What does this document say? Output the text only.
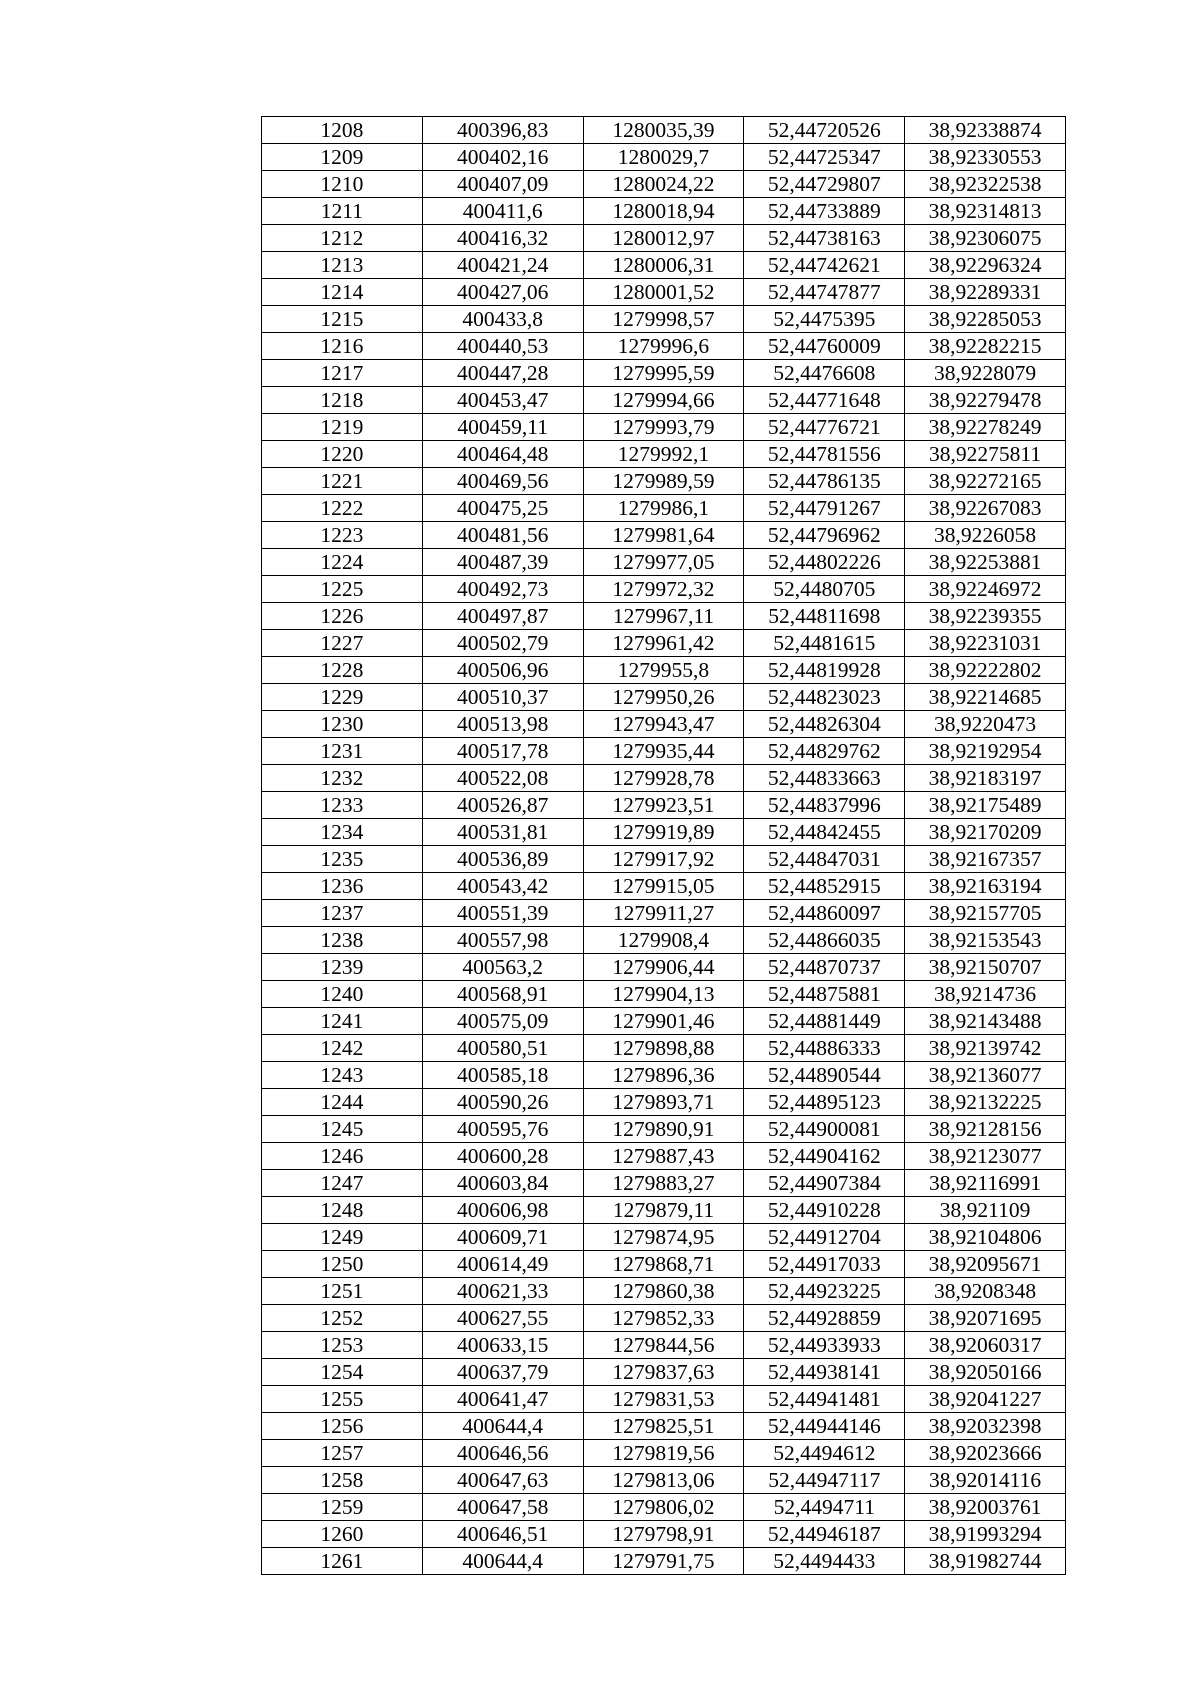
1208	400396,83	1280035,39	52,44720526	38,92338874
1209	400402,16	1280029,7	52,44725347	38,92330553
1210	400407,09	1280024,22	52,44729807	38,92322538
1211	400411,6	1280018,94	52,44733889	38,92314813
1212	400416,32	1280012,97	52,44738163	38,92306075
1213	400421,24	1280006,31	52,44742621	38,92296324
1214	400427,06	1280001,52	52,44747877	38,92289331
1215	400433,8	1279998,57	52,4475395	38,92285053
1216	400440,53	1279996,6	52,44760009	38,92282215
1217	400447,28	1279995,59	52,4476608	38,9228079
1218	400453,47	1279994,66	52,44771648	38,92279478
1219	400459,11	1279993,79	52,44776721	38,92278249
1220	400464,48	1279992,1	52,44781556	38,92275811
1221	400469,56	1279989,59	52,44786135	38,92272165
1222	400475,25	1279986,1	52,44791267	38,92267083
1223	400481,56	1279981,64	52,44796962	38,9226058
1224	400487,39	1279977,05	52,44802226	38,92253881
1225	400492,73	1279972,32	52,4480705	38,92246972
1226	400497,87	1279967,11	52,44811698	38,92239355
1227	400502,79	1279961,42	52,4481615	38,92231031
1228	400506,96	1279955,8	52,44819928	38,92222802
1229	400510,37	1279950,26	52,44823023	38,92214685
1230	400513,98	1279943,47	52,44826304	38,9220473
1231	400517,78	1279935,44	52,44829762	38,92192954
1232	400522,08	1279928,78	52,44833663	38,92183197
1233	400526,87	1279923,51	52,44837996	38,92175489
1234	400531,81	1279919,89	52,44842455	38,92170209
1235	400536,89	1279917,92	52,44847031	38,92167357
1236	400543,42	1279915,05	52,44852915	38,92163194
1237	400551,39	1279911,27	52,44860097	38,92157705
1238	400557,98	1279908,4	52,44866035	38,92153543
1239	400563,2	1279906,44	52,44870737	38,92150707
1240	400568,91	1279904,13	52,44875881	38,9214736
1241	400575,09	1279901,46	52,44881449	38,92143488
1242	400580,51	1279898,88	52,44886333	38,92139742
1243	400585,18	1279896,36	52,44890544	38,92136077
1244	400590,26	1279893,71	52,44895123	38,92132225
1245	400595,76	1279890,91	52,44900081	38,92128156
1246	400600,28	1279887,43	52,44904162	38,92123077
1247	400603,84	1279883,27	52,44907384	38,92116991
1248	400606,98	1279879,11	52,44910228	38,921109
1249	400609,71	1279874,95	52,44912704	38,92104806
1250	400614,49	1279868,71	52,44917033	38,92095671
1251	400621,33	1279860,38	52,44923225	38,9208348
1252	400627,55	1279852,33	52,44928859	38,92071695
1253	400633,15	1279844,56	52,44933933	38,92060317
1254	400637,79	1279837,63	52,44938141	38,92050166
1255	400641,47	1279831,53	52,44941481	38,92041227
1256	400644,4	1279825,51	52,44944146	38,92032398
1257	400646,56	1279819,56	52,4494612	38,92023666
1258	400647,63	1279813,06	52,44947117	38,92014116
1259	400647,58	1279806,02	52,4494711	38,92003761
1260	400646,51	1279798,91	52,44946187	38,91993294
1261	400644,4	1279791,75	52,4494433	38,91982744
